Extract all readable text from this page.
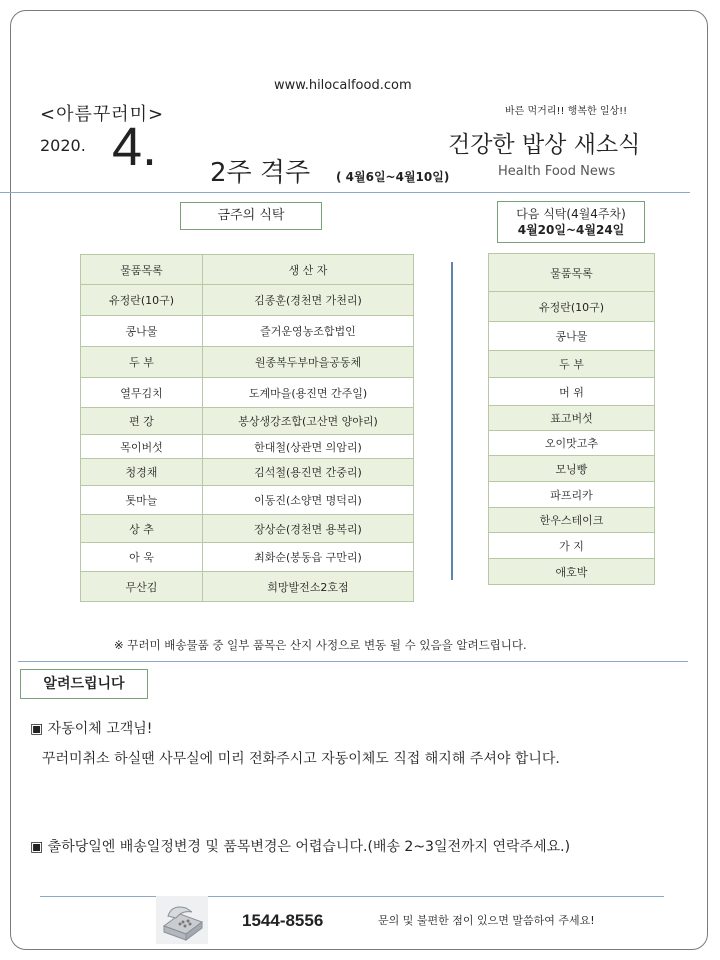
www.hilocalfood.com
<아름꾸러미>	바른 먹거리!! 행복한 일상!!
2020. 4.	건강한 밥상 새소식
2주 격주 ( 4월6일~4월10일)	Health Food News
금주의 식탁	다음 식탁(4월4주차)
4월20일~4월24일
물품목록	생 산 자
유정란(10구)	김종훈(경천면 가천리)
콩나물	즐거운영농조합법인
두 부	원종복두부마을공동체
열무김치	도계마을(용진면 간주일)
편 강	봉상생강조합(고산면 양야리)
목이버섯	한대철(상관면 의암리)
청경채	김석철(용진면 간중리)
톳마늘	이동진(소양면 명덕리)
상 추	장상순(경천면 용복리)
아 욱	최화순(봉동읍 구만리)
무산김	희망발전소2호점
물품목록
유정란(10구)
콩나물
두 부
머 위
표고버섯
오이맛고추
모닝빵
파프리카
한우스테이크
가 지
애호박
※ 꾸러미 배송물품 중 일부 품목은 산지 사정으로 변동 될 수 있음을 알려드립니다.
알려드립니다
▣ 자동이체 고객님!
꾸러미취소 하실땐 사무실에 미리 전화주시고 자동이체도 직접 해지해 주셔야 합니다.
▣ 출하당일엔 배송일정변경 및 품목변경은 어렵습니다.(배송 2~3일전까지 연락주세요.)
1544-8556	문의 및 불편한 점이 있으면 말씀하여 주세요!
